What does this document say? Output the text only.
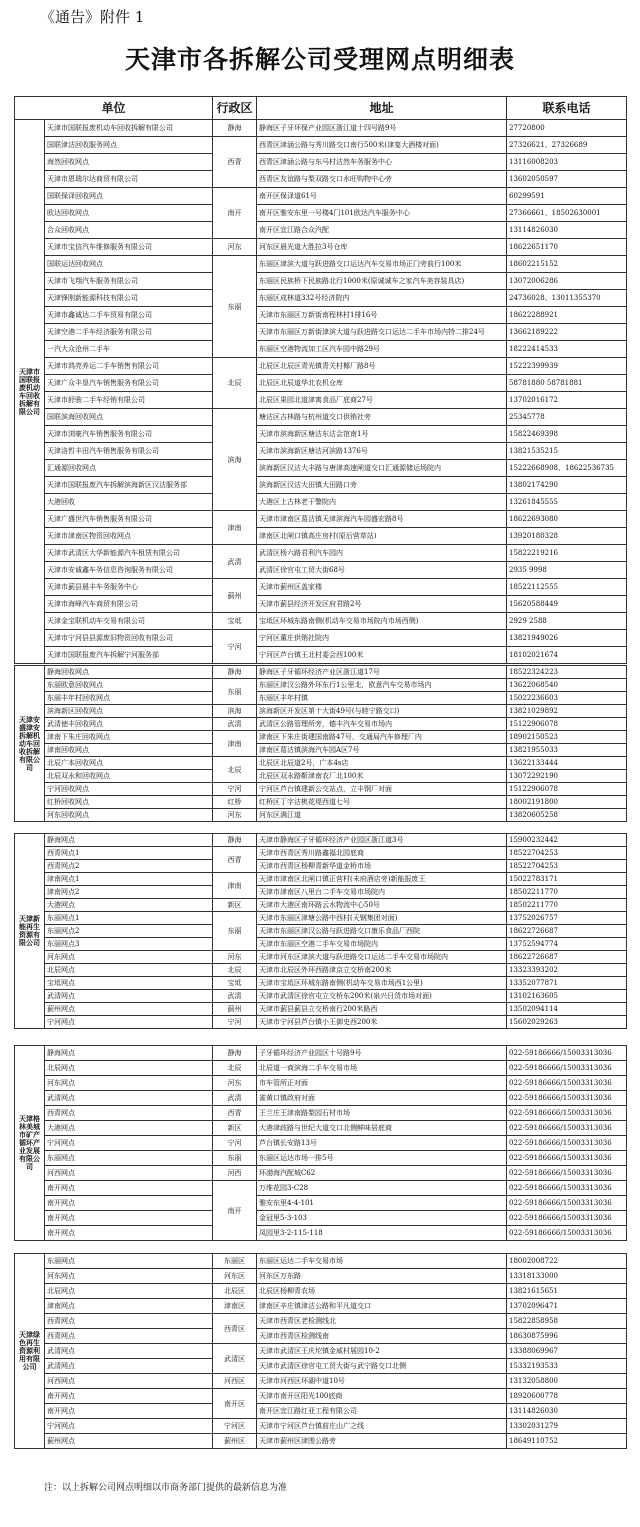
《通告》附件 1
天津市各拆解公司受理网点明细表
单位		行政区	地址	联系电话
天津市国联报废机动车回收拆解有限公司	天津市国联报废机动车回收拆解有限公司	静海	静海区子牙环保产业园区浙江道十四号路9号	27720800
	国联津沽回收服务网点	西青	西青区津涵公路与秀川路交口南行500米(津宴大酒楼对面)	27326621、27326689
	海然回收网点		西青区津涵公路与东马村沽然车务服务中心	13116008203
	天津市恩瑞尔达商贸有限公司		西青区友谊路与梨双路交口水旺购物中心旁	13602050597
	国联保泽回收网点	南开	南开区保泽道61号	60299591
	欧达回收网点		南开区雅安东里一号楼4门101欧达汽车服务中心	27366661、18502630001
	合众回收网点		南开区宜江路合众汽配	13114826030
	天津市宝信汽车维修服务有限公司	河东	河东区晨光道大胜拉3号仓库	18622651170
	国联运达回收网点	东丽	东丽区津滨大道与跃进路交口运达汽车交易市场正门旁前行100米	18602215152
	天津市飞翔汽车服务有限公司		东丽区民族桥下民族路北行1000米(原诚诚车之家汽车美容装具店)	13072006286
	天津锋刚新能源科技有限公司		东丽区成林道332号经济院内	24736028、13011355370
	天津市鑫诚达二手车贸易有限公司		天津市东丽区万新街南程林村1排16号	18622288921
	天津空港二手车经济服务有限公司		天津市东丽区万新街津滨大道与跃进路交口运达二手车市场内特二排24号	13662189222
	一汽大众沧州二手车		东丽区空港物流加工区汽车园中路29号	18222414533
	天津市鸿亮养运二手车销售有限公司	北辰	北辰区北辰区青光镇青关村椰厂路8号	15222399939
	天津广众丰垦汽车销售服务有限公司		北辰区北辰道华北农机仓库	58781880 58781881
	天津市舒骏二手车经销有限公司		北辰区果园北道津寓食品厂底商27号	13702016172
	国联滨海回收网点	滨海	塘沽区吉林路与杭州道交口供销社旁	25345778
	天津市浏豪汽车销售服务有限公司		天津市滨海新区塘沽东沽会馆南1号	15822469398
	天津洛哲丰田汽车销售服务有限公司		天津市滨海新区塘沽河滨路1376号	13821535215
	汇通源回收网点		滨海新区汉沽大丰路与唐津高速闸道交口汇通源储运场院内	15222668908、18622536735
	天津市国联报废汽车拆解滨海新区汉沽服务部		滨海新区汉沽大田镇大田路口旁	13802174290
	大港回收		大港区上古林老干警院内	13261845555
	天津广盛世汽车销售服务有限公司	津南	天津市津南区葛沽镇天津滨海汽车园盛宏路8号	18622693080
	天津市津南区物资回收网点		津南区北闸口镇高庄房村(原后营草站)	13920180328
	天津市武清区大华新能源汽车租赁有限公司	武清	武清区杨六路君利汽车园内	15822219216
	天津市安诚鑫车务信息咨询服务有限公司		武清区徐官屯工贸大街68号	2935 9998
	天津市蓟县晨丰车务服务中心	蓟州	天津市蓟州区盖家楼	18522112555
	天津市海峰汽车商贸有限公司		天津市蓟县经济开发区府君路2号	15620588449
	天津金宝联机动车交易有限公司	宝坻	宝坻区环城东路南侧(机动车交易市场院内市场西侧)	2929 2588
	天津市宁河县县源废旧物资回收有限公司	宁河	宁河区董庄供销社院内	13821949026
	天津市国联报废汽车拆解宁河服务部		宁河区芦台镇王北村委会西100米	18102021674
天津安盛津安拆解机动车回收拆解有限公司	静海回收网点	静海	静海区子牙循环经济产业区浙江道17号	18522324223
	东丽欧意回收网点	东丽	东丽区津汉公路外环东行1公里北，欧意汽车交易市场内	13622068540
	东丽丰年村回收网点		东丽区丰年村镇	15022236603
	滨海新区回收网点	滨海	滨海新区开发区第十大街49号(与睦宁路交口)	13821029892
	武清徳丰回收网点	武清	武清区公路管理所旁，德丰汽车交易市场内	15122906078
	津南下朱庄回收网点	津南	津南区下朱庄街建国南路47号，交通局汽车修理厂内	18902150523
	津南回收网点		津南区葛沽镇滨海汽车园A区7号	13821955033
	北辰广本回收网点	北辰	北辰区北辰道2号，广本4s店	13622133444
	北辰双永和回收网点		北辰区双永路靳津南农厂北100米	13072292190
	宁河回收网点	宁河	宁河区芦台镇建新公交站点，立丰钢厂对面	15122906078
	红桥回收网点	红桥	红桥区丁字沽桃花堤西道七号	18002191800
	河东回收网点	河东	河东区满江道	13820605258
天津新能再生资源有限公司	静海网点	静海	天津市静海区子牙循环经济产业园区浙江道3号	15900232442
	西青网点1	西青	天津市西青区秀川路鑫福北园底商	18522704253
	西青网点2		天津市西青区杨柳青新华道金桥市场	18522704253
	津南网点1	津南	天津市津南区北闸口镇正营村(未府酒店旁)新能报废王	15022783171
	津南网点2		天津市津南区八里台二手车交易市场院内	18502211770
	大港网点	新区	天津市大港区南环路云水物流中心50号	18502211770
	东丽网点1	东丽	天津市东丽区津塘公路中西村(天钢集团对面)	13752026757
	东丽网点2		天津市东丽区津汉公路与跃进路交口康乐食品厂西院	18622726687
	东丽网点3		天津市东丽区空港二手车交易市场院内	13752594774
	河东网点	河东	天津市河东区津滨大道与跃进路交口运达二手车交易市场院内	18622726687
	北辰网点	北辰	天津市北辰区外环西路津京立交桥南200米	13323393202
	宝坻网点	宝坻	天津市宝坻区环城东路南侧(机动车交易市场西1公里)	13352077871
	武清网点	武清	天津市武清区徐官屯立交桥东200米(泉兴日货市场对面)	13102163605
	蓟州网点	蓟州	天津市蓟县蓟县立交桥南行200米路西	13502094114
	宁河网点	宁河	天津市宁河县芦台镇小王御史西200米	15602029263
天津格林美城市矿产循环产业发展有限公司	静海网点	静海	子牙循环经济产业园区十号路9号	022-59186666/15003313036
	北辰网点	北辰	北辰道一商滨海二手车交易市场	022-59186666/15003313036
	河东网点	河东	市车管所正对面	022-59186666/15003313036
	武清网点	武清	雀黄口镇政府对面	022-59186666/15003313036
	西青网点	西青	王兰庄王津南路梨园石材市场	022-59186666/15003313036
	大港网点	新区	大港津歧路与世纪大道交口北侧鲜味居底商	022-59186666/15003313036
	宁河网点	宁河	芦台镇长安路13号	022-59186666/15003313036
	东丽网点	东丽	东丽区运达市场一排5号	022-59186666/15003313036
	河西网点	河西	环渤海汽配城C62	022-59186666/15003313036
	南开网点	南开	万维花园3-C28	022-59186666/15003313036
	南开网点		雅安东里4-4-101	022-59186666/15003313036
	南开网点		金冠里5-3-103	022-59186666/15003313036
	南开网点		凤园里3-2-115-118	022-59186666/15003313036
天津绿色再生资源利用有限公司	东丽网点	东丽区	东丽区运达二手车交易市场	18002008722
	河东网点	河东区	河东区万东路	13318133000
	北辰网点	北辰区	北辰区杨柳青农场	13821615651
	津南网点	津南区	津南区辛庄镇津沽公路和平凡道交口	13702096471
	西青网点	西青区	天津市西青区老检测线北	15822858958
	西青网点		天津市西青区检测线南	18630875996
	武清网点	武清区	天津市武清区王庆坨镇金威村展园10-2	13388069967
	武清网点		天津市武清区徐官屯工贸大街与武宁路交口北侧	15332193533
	河西网点	河西区	天津市河西区环湖中道10号	13132058800
	南开网点	南开区	天津市南开区阳光100底商	18920600778
	南开网点		南开区宜江路红亚工程有限公司	13114826030
	宁河网点	宁河区	天津市宁河区芦台镇前庄山广之线	13302031279
	蓟州网点	蓟州区	天津市蓟州区津围公路旁	18649110752
注：以上拆解公司网点明细以市商务部门提供的最新信息为准
